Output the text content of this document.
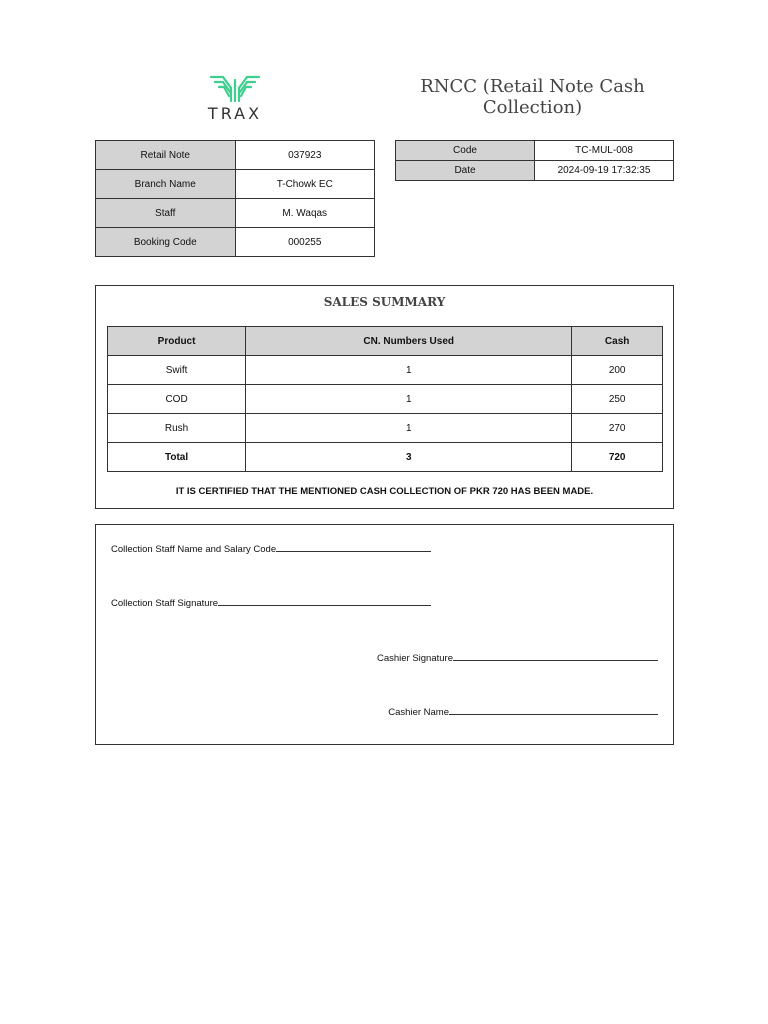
TRAX
RNCC (Retail Note Cash Collection)
Retail Note	037923
Branch Name	T-Chowk EC
Staff	M. Waqas
Booking Code	000255
Code	TC-MUL-008
Date	2024-09-19 17:32:35
SALES SUMMARY
Product	CN. Numbers Used	Cash
Swift	1	200
COD	1	250
Rush	1	270
Total	3	720
IT IS CERTIFIED THAT THE MENTIONED CASH COLLECTION OF PKR 720 HAS BEEN MADE.
Collection Staff Name and Salary Code
Collection Staff Signature
Cashier Signature
Cashier Name
